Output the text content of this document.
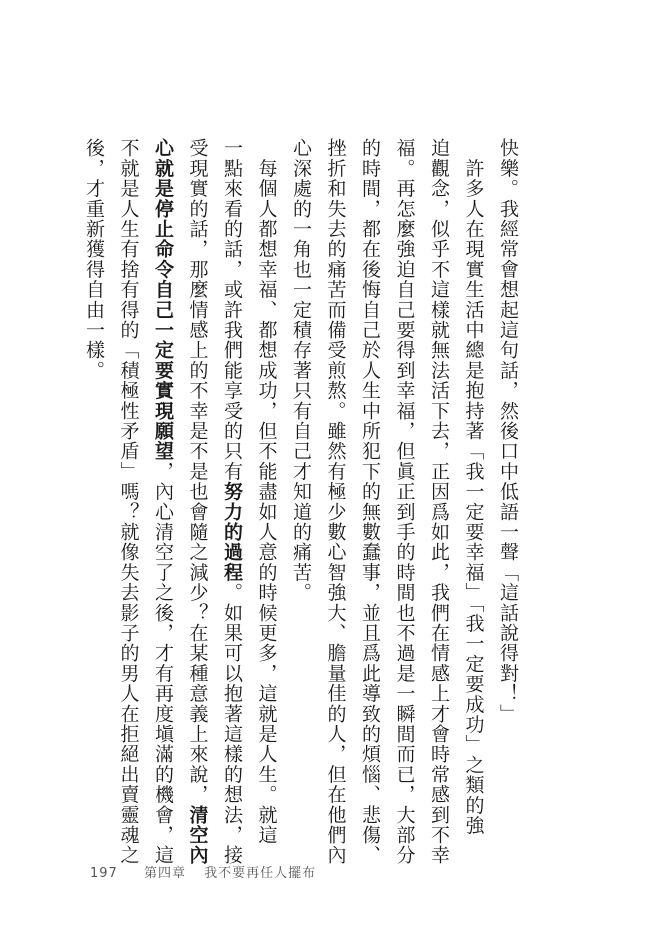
快樂。我經常會想起這句話，然後口中低語一聲「這話說得對！」
　許多人在現實生活中總是抱持著「我一定要幸福」「我一定要成功」之類的強
迫觀念，似乎不這樣就無法活下去，正因爲如此，我們在情感上才會時常感到不幸
福。再怎麼強迫自己要得到幸福，但眞正到手的時間也不過是一瞬間而已，大部分
的時間，都在後悔自己於人生中所犯下的無數蠢事，並且爲此導致的煩惱、悲傷、
挫折和失去的痛苦而備受煎熬。雖然有極少數心智強大、膽量佳的人，但在他們內
心深處的一角也一定積存著只有自己才知道的痛苦。
　每個人都想幸福、都想成功，但不能盡如人意的時候更多，這就是人生。就這
一點來看的話，或許我們能享受的只有努力的過程。如果可以抱著這樣的想法，接
受現實的話，那麼情感上的不幸是不是也會隨之減少？在某種意義上來說，清空內
心就是停止命令自己一定要實現願望，內心清空了之後，才有再度塡滿的機會，這
不就是人生有捨有得的「積極性矛盾」嗎？就像失去影子的男人在拒絕出賣靈魂之
後，才重新獲得自由一樣。
197 第四章 我不要再任人擺布
